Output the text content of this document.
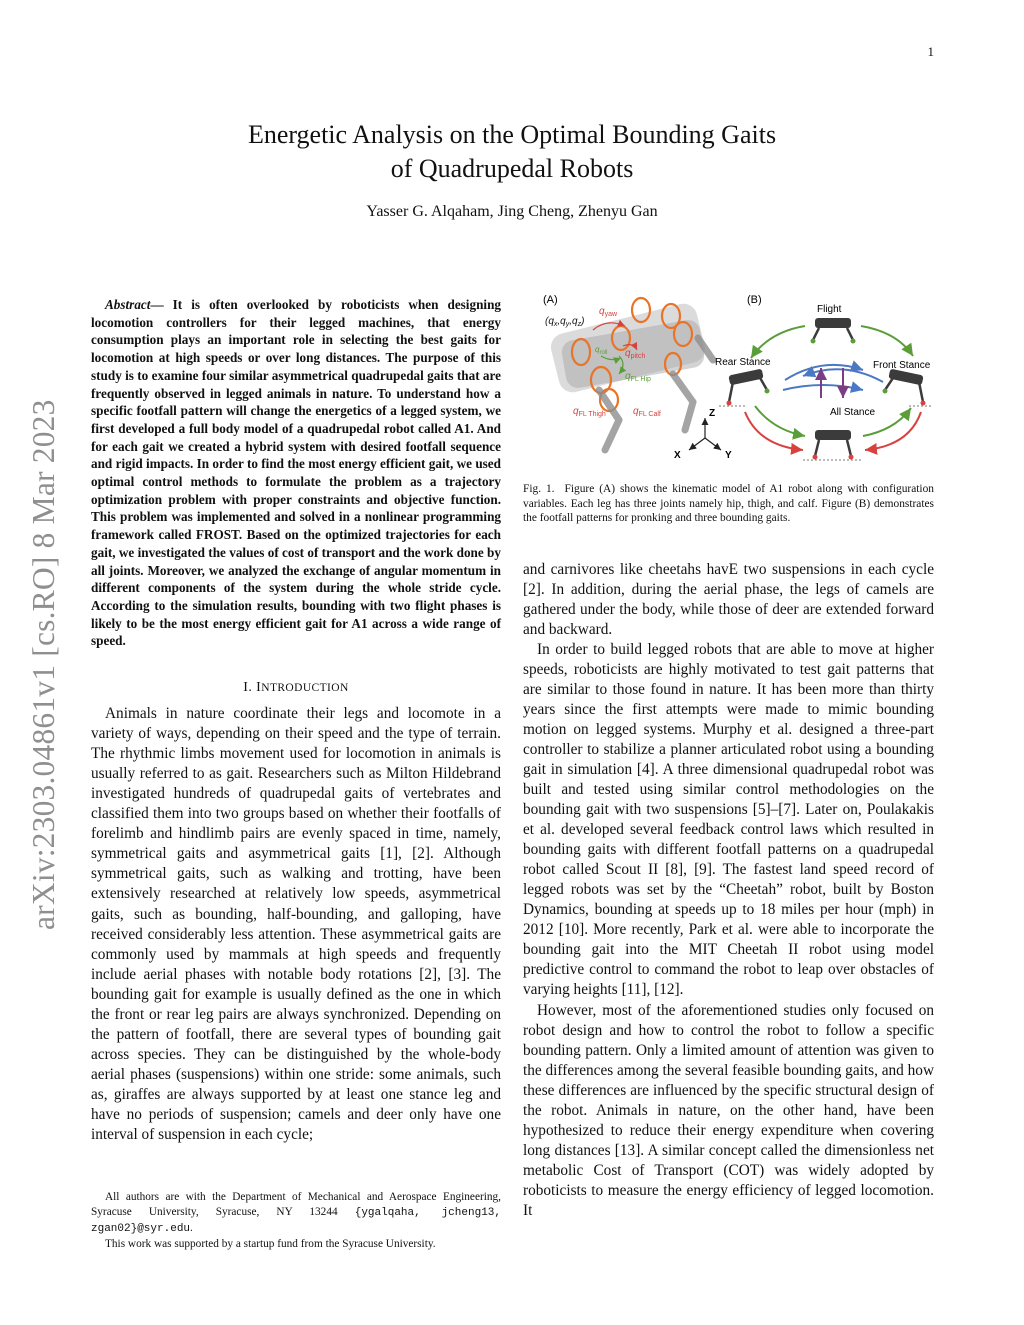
1
arXiv:2303.04861v1 [cs.RO] 8 Mar 2023
Energetic Analysis on the Optimal Bounding Gaits
of Quadrupedal Robots
Yasser G. Alqaham, Jing Cheng, Zhenyu Gan

Abstract— It is often overlooked by roboticists when designing locomotion controllers for their legged machines, that energy consumption plays an important role in selecting the best gaits for locomotion at high speeds or over long distances. The purpose of this study is to examine four similar asymmetrical quadrupedal gaits that are frequently observed in legged animals in nature. To understand how a specific footfall pattern will change the energetics of a legged system, we first developed a full body model of a quadrupedal robot called A1. And for each gait we created a hybrid system with desired footfall sequence and rigid impacts. In order to find the most energy efficient gait, we used optimal control methods to formulate the problem as a trajectory optimization problem with proper constraints and objective function. This problem was implemented and solved in a nonlinear programming framework called FROST. Based on the optimized trajectories for each gait, we investigated the values of cost of transport and the work done by all joints. Moreover, we analyzed the exchange of angular momentum in different components of the system during the whole stride cycle. According to the simulation results, bounding with two flight phases is likely to be the most energy efficient gait for A1 across a wide range of speed.

I. INTRODUCTION

Animals in nature coordinate their legs and locomote in a variety of ways, depending on their speed and the type of terrain. The rhythmic limbs movement used for locomotion in animals is usually referred to as gait. Researchers such as Milton Hildebrand investigated hundreds of quadrupedal gaits of vertebrates and classified them into two groups based on whether their footfalls of forelimb and hindlimb pairs are evenly spaced in time, namely, symmetrical gaits and asymmetrical gaits [1], [2]. Although symmetrical gaits, such as walking and trotting, have been extensively researched at relatively low speeds, asymmetrical gaits, such as bounding, half-bounding, and galloping, have received considerably less attention. These asymmetrical gaits are commonly used by mammals at high speeds and frequently include aerial phases with notable body rotations [2], [3]. The bounding gait for example is usually defined as the one in which the front or rear leg pairs are always synchronized. Depending on the pattern of footfall, there are several types of bounding gait across species. They can be distinguished by the whole-body aerial phases (suspensions) within one stride: some animals, such as, giraffes are always supported by at least one stance leg and have no periods of suspension; camels and deer only have one interval of suspension in each cycle;

All authors are with the Department of Mechanical and Aerospace Engineering, Syracuse University, Syracuse, NY 13244 {ygalqaha, jcheng13, zgan02}@syr.edu.

This work was supported by a startup fund from the Syracuse University.

(A)
$(q_x,q_y,q_z)$
$q_{yaw}$
$q_{pitch}$
$q_{roll}$
$q_{FL Hip}$
$q_{FL Thigh}$	$q_{FL Calf}$	Z
X	Y
(B)
Flight
Rear Stance	Front Stance
All Stance

Fig. 1. Figure (A) shows the kinematic model of A1 robot along with configuration variables. Each leg has three joints namely hip, thigh, and calf. Figure (B) demonstrates the footfall patterns for pronking and three bounding gaits.

and carnivores like cheetahs havE two suspensions in each cycle [2]. In addition, during the aerial phase, the legs of camels are gathered under the body, while those of deer are extended forward and backward.

In order to build legged robots that are able to move at higher speeds, roboticists are highly motivated to test gait patterns that are similar to those found in nature. It has been more than thirty years since the first attempts were made to mimic bounding motion on legged systems. Murphy et al. designed a three-part controller to stabilize a planner articulated robot using a bounding gait in simulation [4]. A three dimensional quadrupedal robot was built and tested using similar control methodologies on the bounding gait with two suspensions [5]–[7]. Later on, Poulakakis et al. developed several feedback control laws which resulted in bounding gaits with different footfall patterns on a quadrupedal robot called Scout II [8], [9]. The fastest land speed record of legged robots was set by the “Cheetah” robot, built by Boston Dynamics, bounding at speeds up to 18 miles per hour (mph) in 2012 [10]. More recently, Park et al. were able to incorporate the bounding gait into the MIT Cheetah II robot using model predictive control to command the robot to leap over obstacles of varying heights [11], [12].

However, most of the aforementioned studies only focused on robot design and how to control the robot to follow a specific bounding pattern. Only a limited amount of attention was given to the differences among the several feasible bounding gaits, and how these differences are influenced by the specific structural design of the robot. Animals in nature, on the other hand, have been hypothesized to reduce their energy expenditure when covering long distances [13]. A similar concept called the dimensionless net metabolic Cost of Transport (COT) was widely adopted by roboticists to measure the energy efficiency of legged locomotion. It
